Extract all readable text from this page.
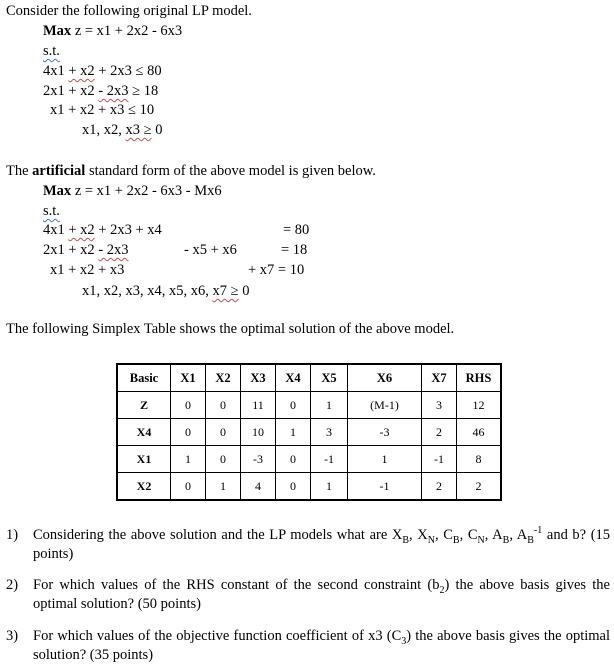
Consider the following original LP model.
Max z = x1 + 2x2 - 6x3
s.t.
4x1 + x2 + 2x3 ≤ 80
2x1 + x2 - 2x3 ≥ 18
x1 + x2 + x3 ≤ 10
x1, x2, x3 ≥ 0
The artificial standard form of the above model is given below.
Max z = x1 + 2x2 - 6x3 - Mx6
s.t.
4x1 + x2 + 2x3 + x4	= 80
2x1 + x2 - 2x3	- x5 + x6	= 18
x1 + x2 + x3	+ x7 = 10
x1, x2, x3, x4, x5, x6, x7 ≥ 0
The following Simplex Table shows the optimal solution of the above model.
Basic	X1	X2	X3	X4	X5	X6	X7	RHS
Z	0	0	11	0	1	(M-1)	3	12
X4	0	0	10	1	3	-3	2	46
X1	1	0	-3	0	-1	1	-1	8
X2	0	1	4	0	1	-1	2	2
1) Considering the above solution and the LP models what are $X_B$, $X_N$, $C_B$, $C_N$, $A_B$, $A_B^{-1}$ and b? (15 points)
2) For which values of the RHS constant of the second constraint $(b_2)$ the above basis gives the optimal solution? (50 points)
3) For which values of the objective function coefficient of x3 $(C_3)$ the above basis gives the optimal solution? (35 points)
